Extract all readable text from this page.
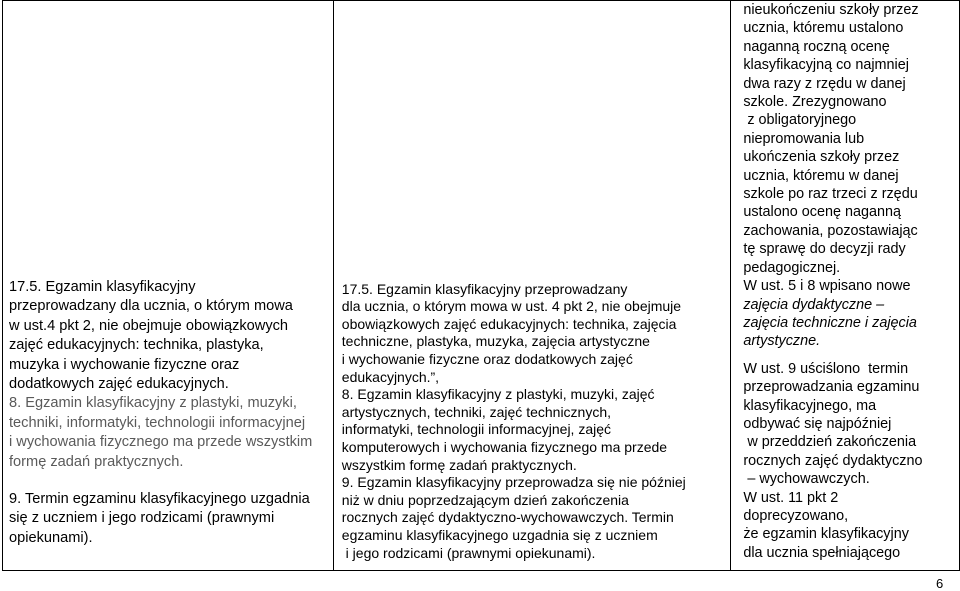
17.5. Egzamin klasyfikacyjny
przeprowadzany dla ucznia, o którym mowa
w ust.4 pkt 2, nie obejmuje obowiązkowych
zajęć edukacyjnych: technika, plastyka,
muzyka i wychowanie fizyczne oraz
dodatkowych zajęć edukacyjnych.
8. Egzamin klasyfikacyjny z plastyki, muzyki,
techniki, informatyki, technologii informacyjnej
i wychowania fizycznego ma przede wszystkim
formę zadań praktycznych.
9. Termin egzaminu klasyfikacyjnego uzgadnia
się z uczniem i jego rodzicami (prawnymi
opiekunami).

17.5. Egzamin klasyfikacyjny przeprowadzany
dla ucznia, o którym mowa w ust. 4 pkt 2, nie obejmuje
obowiązkowych zajęć edukacyjnych: technika, zajęcia
techniczne, plastyka, muzyka, zajęcia artystyczne
i wychowanie fizyczne oraz dodatkowych zajęć
edukacyjnych.”,
8. Egzamin klasyfikacyjny z plastyki, muzyki, zajęć
artystycznych, techniki, zajęć technicznych,
informatyki, technologii informacyjnej, zajęć
komputerowych i wychowania fizycznego ma przede
wszystkim formę zadań praktycznych.
9. Egzamin klasyfikacyjny przeprowadza się nie później
niż w dniu poprzedzającym dzień zakończenia
rocznych zajęć dydaktyczno-wychowawczych. Termin
egzaminu klasyfikacyjnego uzgadnia się z uczniem
i jego rodzicami (prawnymi opiekunami).

nieukończeniu szkoły przez
ucznia, któremu ustalono
naganną roczną ocenę
klasyfikacyjną co najmniej
dwa razy z rzędu w danej
szkole. Zrezygnowano
z obligatoryjnego
niepromowania lub
ukończenia szkoły przez
ucznia, któremu w danej
szkole po raz trzeci z rzędu
ustalono ocenę naganną
zachowania, pozostawiając
tę sprawę do decyzji rady
pedagogicznej.
W ust. 5 i 8 wpisano nowe
zajęcia dydaktyczne –
zajęcia techniczne i zajęcia
artystyczne.
W ust. 9 uściślono  termin
przeprowadzania egzaminu
klasyfikacyjnego, ma
odbywać się najpóźniej
w przeddzień zakończenia
rocznych zajęć dydaktyczno
– wychowawczych.
W ust. 11 pkt 2
doprecyzowano,
że egzamin klasyfikacyjny
dla ucznia spełniającego
6
